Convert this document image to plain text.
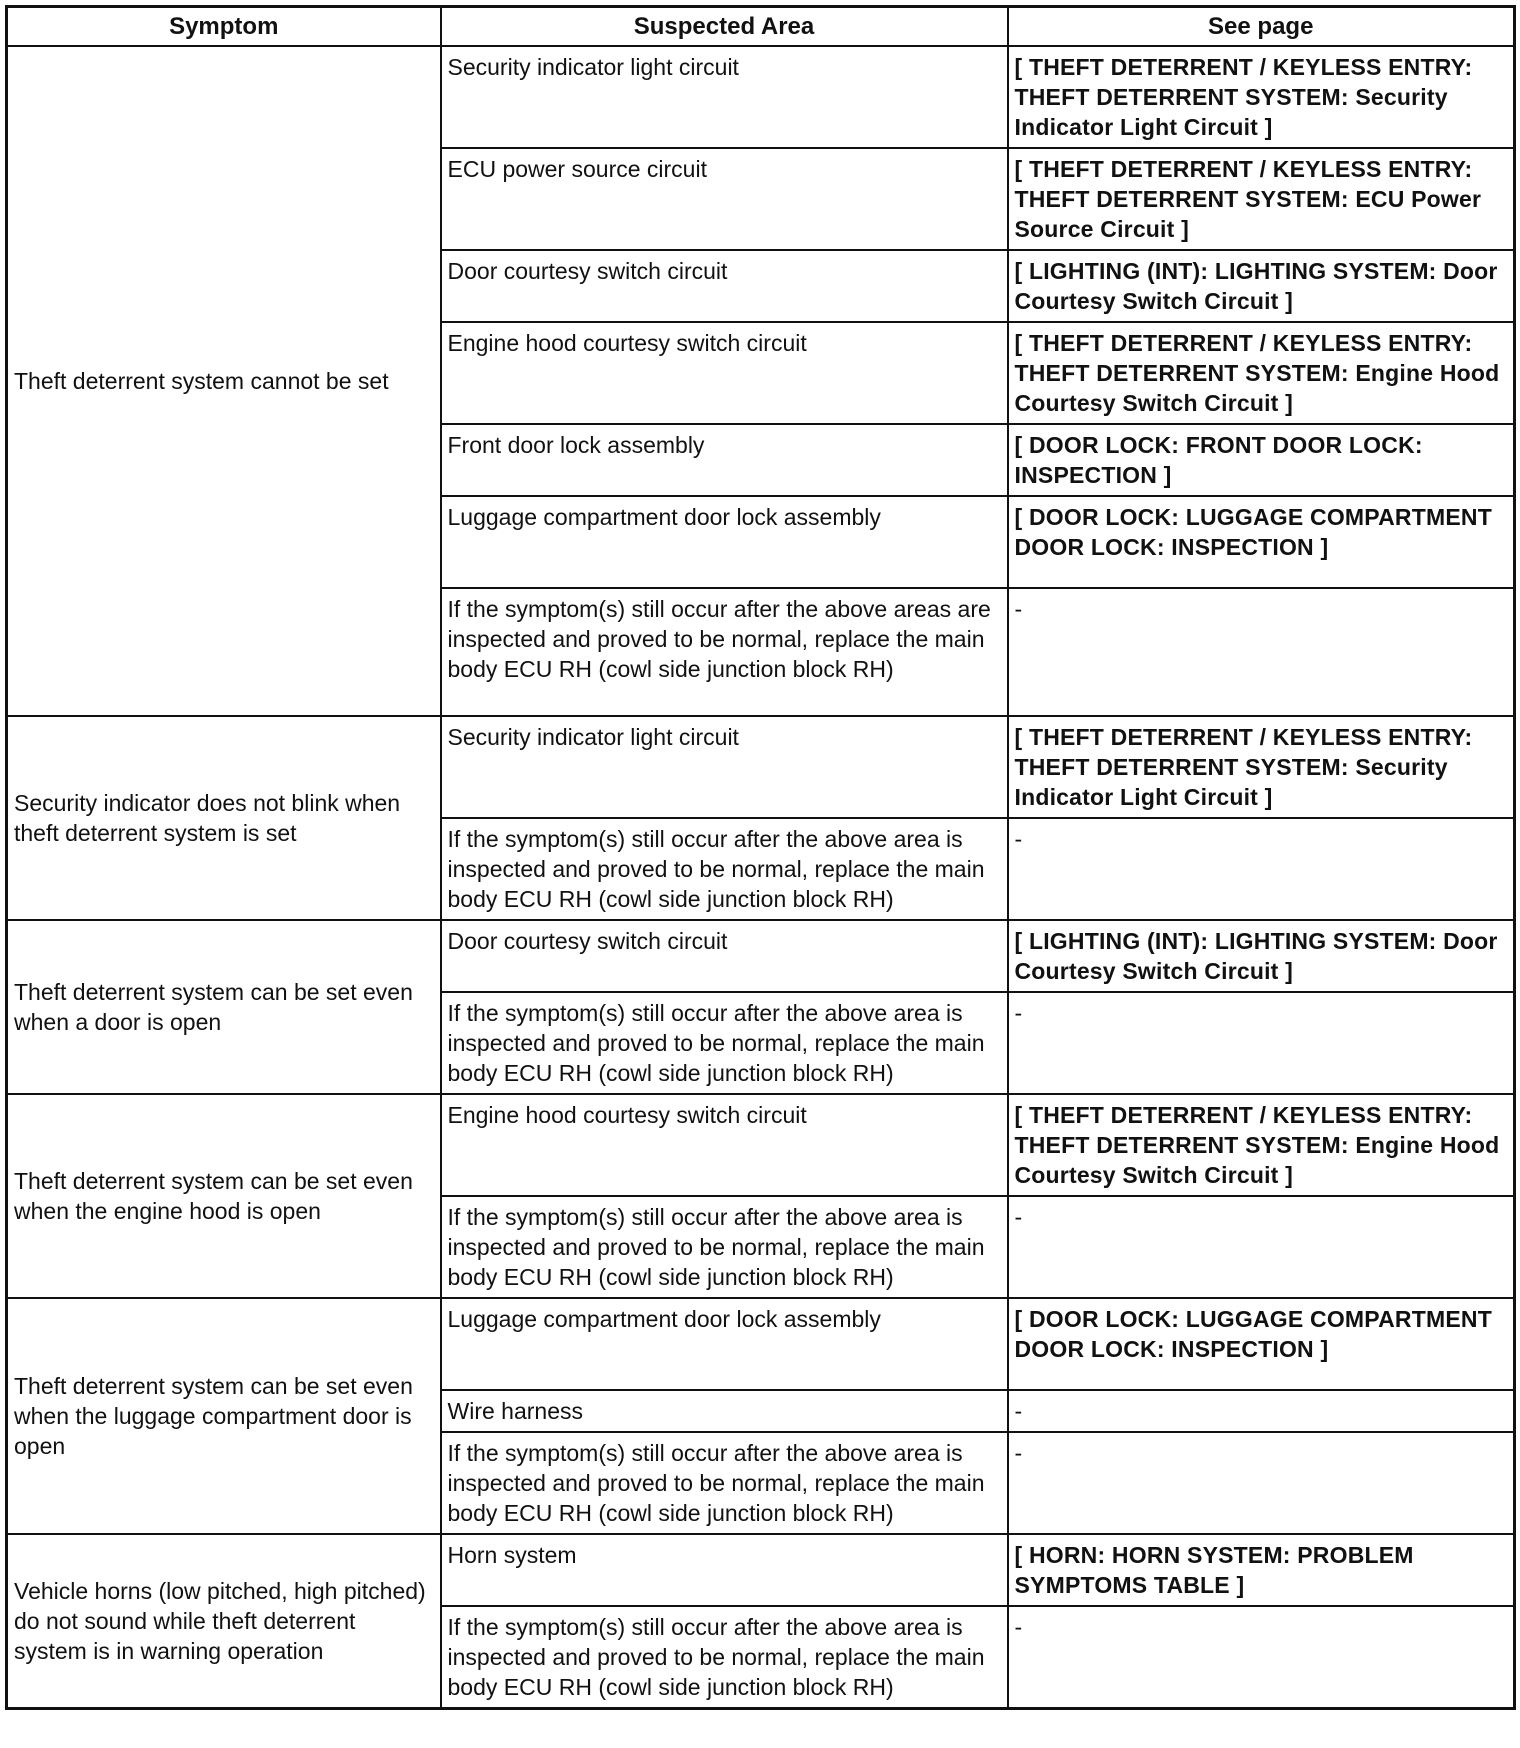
Symptom	Suspected Area	See page
Theft deterrent system cannot be set	Security indicator light circuit	[ THEFT DETERRENT / KEYLESS ENTRY: THEFT DETERRENT SYSTEM: Security Indicator Light Circuit ]
	ECU power source circuit	[ THEFT DETERRENT / KEYLESS ENTRY: THEFT DETERRENT SYSTEM: ECU Power Source Circuit ]
	Door courtesy switch circuit	[ LIGHTING (INT): LIGHTING SYSTEM: Door Courtesy Switch Circuit ]
	Engine hood courtesy switch circuit	[ THEFT DETERRENT / KEYLESS ENTRY: THEFT DETERRENT SYSTEM: Engine Hood Courtesy Switch Circuit ]
	Front door lock assembly	[ DOOR LOCK: FRONT DOOR LOCK: INSPECTION ]
	Luggage compartment door lock assembly	[ DOOR LOCK: LUGGAGE COMPARTMENT DOOR LOCK: INSPECTION ]
	If the symptom(s) still occur after the above areas are inspected and proved to be normal, replace the main body ECU RH (cowl side junction block RH)	-
Security indicator does not blink when theft deterrent system is set	Security indicator light circuit	[ THEFT DETERRENT / KEYLESS ENTRY: THEFT DETERRENT SYSTEM: Security Indicator Light Circuit ]
	If the symptom(s) still occur after the above area is inspected and proved to be normal, replace the main body ECU RH (cowl side junction block RH)	-
Theft deterrent system can be set even when a door is open	Door courtesy switch circuit	[ LIGHTING (INT): LIGHTING SYSTEM: Door Courtesy Switch Circuit ]
	If the symptom(s) still occur after the above area is inspected and proved to be normal, replace the main body ECU RH (cowl side junction block RH)	-
Theft deterrent system can be set even when the engine hood is open	Engine hood courtesy switch circuit	[ THEFT DETERRENT / KEYLESS ENTRY: THEFT DETERRENT SYSTEM: Engine Hood Courtesy Switch Circuit ]
	If the symptom(s) still occur after the above area is inspected and proved to be normal, replace the main body ECU RH (cowl side junction block RH)	-
Theft deterrent system can be set even when the luggage compartment door is open	Luggage compartment door lock assembly	[ DOOR LOCK: LUGGAGE COMPARTMENT DOOR LOCK: INSPECTION ]
	Wire harness	-
	If the symptom(s) still occur after the above area is inspected and proved to be normal, replace the main body ECU RH (cowl side junction block RH)	-
Vehicle horns (low pitched, high pitched) do not sound while theft deterrent system is in warning operation	Horn system	[ HORN: HORN SYSTEM: PROBLEM SYMPTOMS TABLE ]
	If the symptom(s) still occur after the above area is inspected and proved to be normal, replace the main body ECU RH (cowl side junction block RH)	-
